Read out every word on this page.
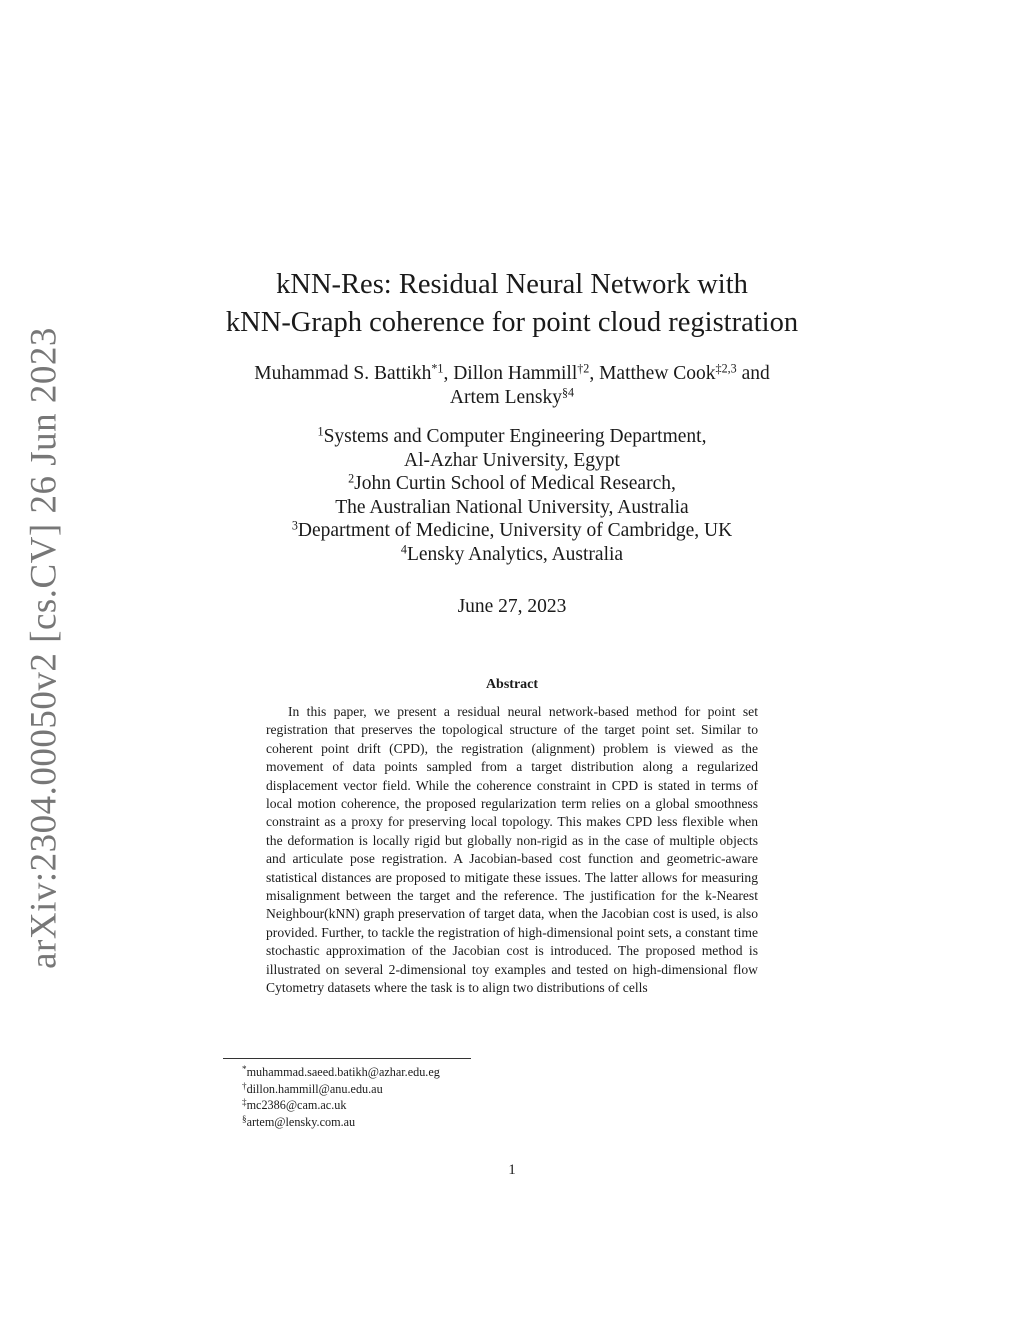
arXiv:2304.00050v2 [cs.CV] 26 Jun 2023
kNN-Res: Residual Neural Network with
kNN-Graph coherence for point cloud registration
Muhammad S. Battikh$^{*1}$, Dillon Hammill$^{\dagger 2}$, Matthew Cook$^{\ddagger 2,3}$ and
Artem Lensky$^{\S 4}$
$^1$Systems and Computer Engineering Department,
Al-Azhar University, Egypt
$^2$John Curtin School of Medical Research,
The Australian National University, Australia
$^3$Department of Medicine, University of Cambridge, UK
$^4$Lensky Analytics, Australia
June 27, 2023
Abstract

In this paper, we present a residual neural network-based method for point set registration that preserves the topological structure of the target point set. Similar to coherent point drift (CPD), the registration (alignment) problem is viewed as the movement of data points sampled from a target distribution along a regularized displacement vector field. While the coherence constraint in CPD is stated in terms of local motion coherence, the proposed regularization term relies on a global smoothness constraint as a proxy for preserving local topology. This makes CPD less flexible when the deformation is locally rigid but globally non-rigid as in the case of multiple objects and articulate pose registration. A Jacobian-based cost function and geometric-aware statistical distances are proposed to mitigate these issues. The latter allows for measuring misalignment between the target and the reference. The justification for the k-Nearest Neighbour(kNN) graph preservation of target data, when the Jacobian cost is used, is also provided. Further, to tackle the registration of high-dimensional point sets, a constant time stochastic approximation of the Jacobian cost is introduced. The proposed method is illustrated on several 2-dimensional toy examples and tested on high-dimensional flow Cytometry datasets where the task is to align two distributions of cells

*muhammad.saeed.batikh@azhar.edu.eg
†dillon.hammill@anu.edu.au
‡mc2386@cam.ac.uk
§artem@lensky.com.au
1
